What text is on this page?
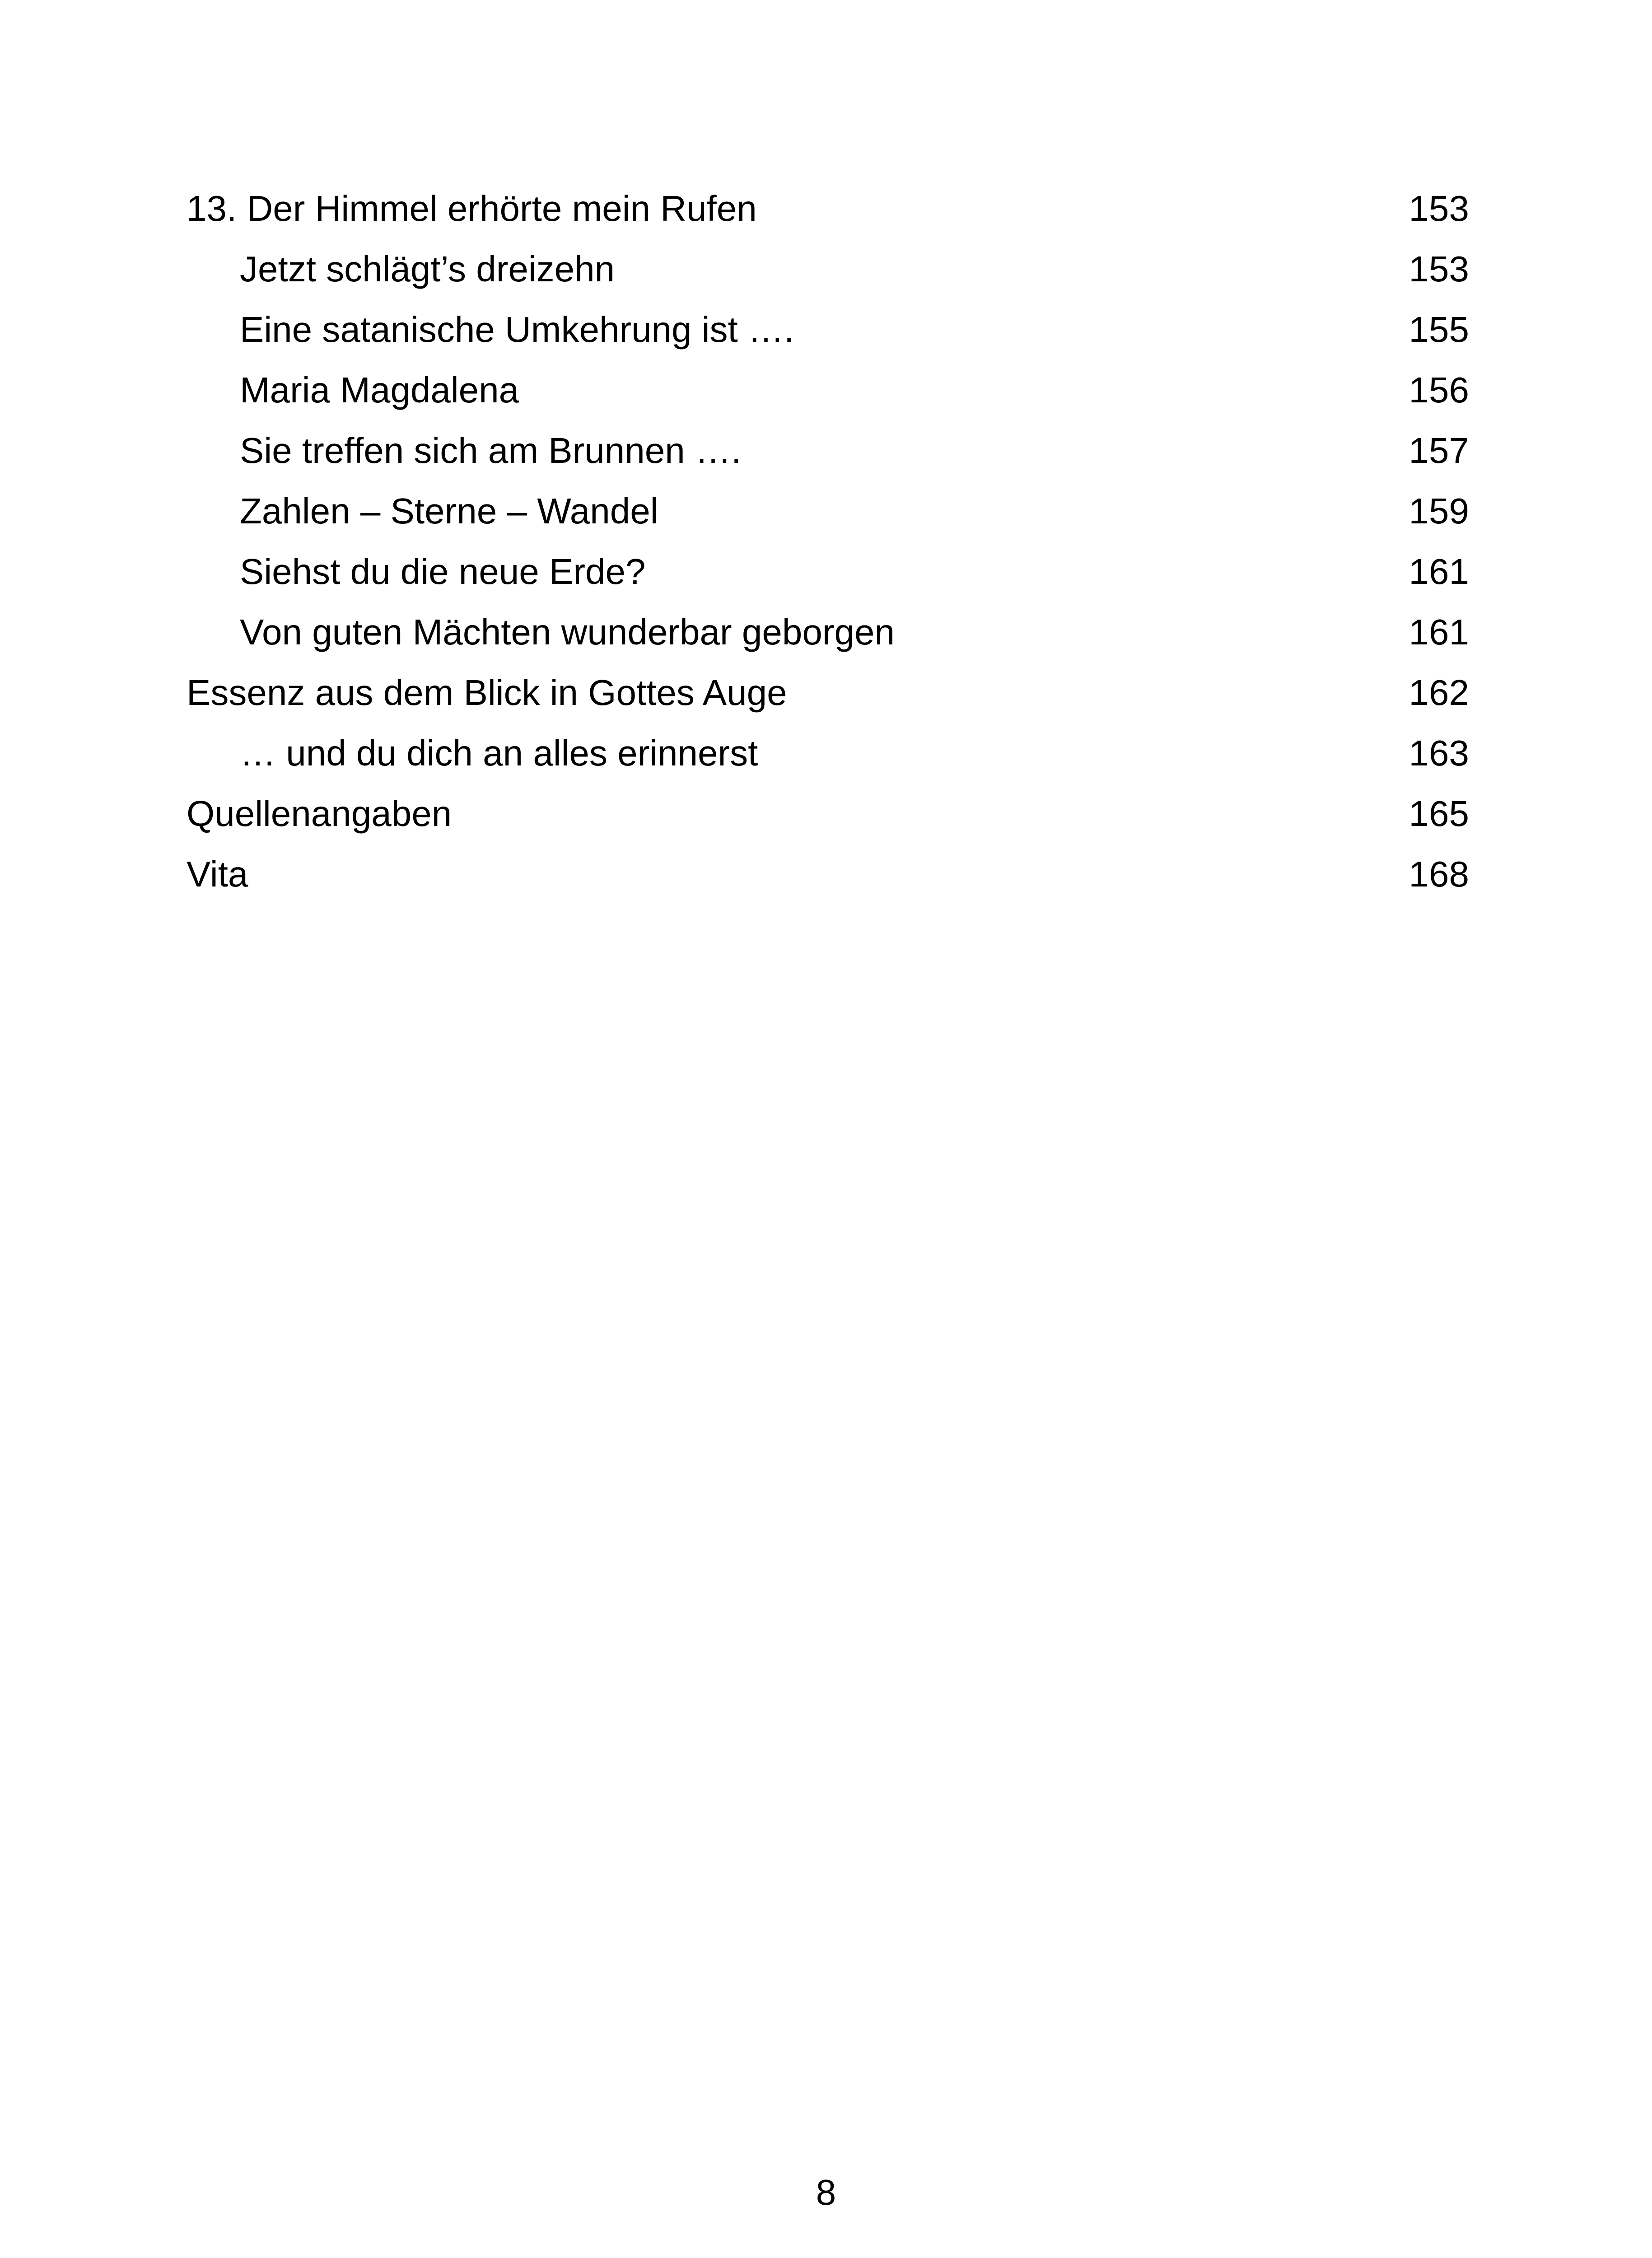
13. Der Himmel erhörte mein Rufen	153
Jetzt schlägt’s dreizehn	153
Eine satanische Umkehrung ist ….	155
Maria Magdalena	156
Sie treffen sich am Brunnen ….	157
Zahlen – Sterne – Wandel	159
Siehst du die neue Erde?	161
Von guten Mächten wunderbar geborgen	161
Essenz aus dem Blick in Gottes Auge	162
… und du dich an alles erinnerst	163
Quellenangaben	165
Vita	168
8
